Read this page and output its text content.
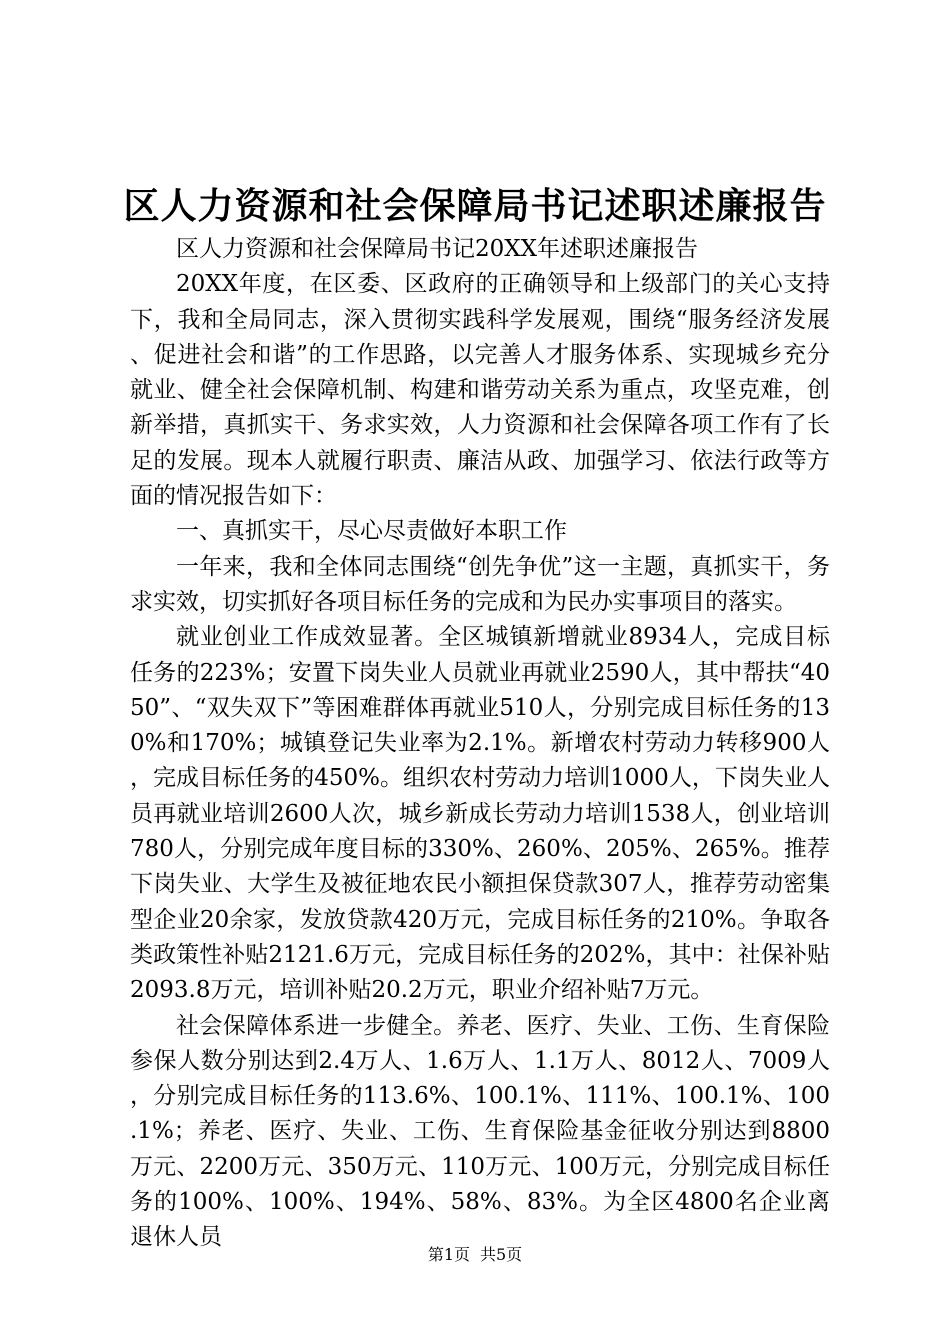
区人力资源和社会保障局书记述职述廉报告

区人力资源和社会保障局书记20XX年述职述廉报告

20XX年度，在区委、区政府的正确领导和上级部门的关心支持下，我和全局同志，深入贯彻实践科学发展观，围绕“服务经济发展、促进社会和谐”的工作思路，以完善人才服务体系、实现城乡充分就业、健全社会保障机制、构建和谐劳动关系为重点，攻坚克难，创新举措，真抓实干、务求实效，人力资源和社会保障各项工作有了长足的发展。现本人就履行职责、廉洁从政、加强学习、依法行政等方面的情况报告如下：

一、真抓实干，尽心尽责做好本职工作

一年来，我和全体同志围绕“创先争优”这一主题，真抓实干，务求实效，切实抓好各项目标任务的完成和为民办实事项目的落实。

就业创业工作成效显著。全区城镇新增就业8934人，完成目标任务的223%；安置下岗失业人员就业再就业2590人，其中帮扶“4050”、“双失双下”等困难群体再就业510人，分别完成目标任务的130%和170%；城镇登记失业率为2.1%。新增农村劳动力转移900人，完成目标任务的450%。组织农村劳动力培训1000人，下岗失业人员再就业培训2600人次，城乡新成长劳动力培训1538人，创业培训780人，分别完成年度目标的330%、260%、205%、265%。推荐下岗失业、大学生及被征地农民小额担保贷款307人，推荐劳动密集型企业20余家，发放贷款420万元，完成目标任务的210%。争取各类政策性补贴2121.6万元，完成目标任务的202%，其中：社保补贴2093.8万元，培训补贴20.2万元，职业介绍补贴7万元。

社会保障体系进一步健全。养老、医疗、失业、工伤、生育保险参保人数分别达到2.4万人、1.6万人、1.1万人、8012人、7009人，分别完成目标任务的113.6%、100.1%、111%、100.1%、100.1%；养老、医疗、失业、工伤、生育保险基金征收分别达到8800万元、2200万元、350万元、110万元、100万元，分别完成目标任务的100%、100%、194%、58%、83%。为全区4800名企业离退休人员

第1页 共5页
